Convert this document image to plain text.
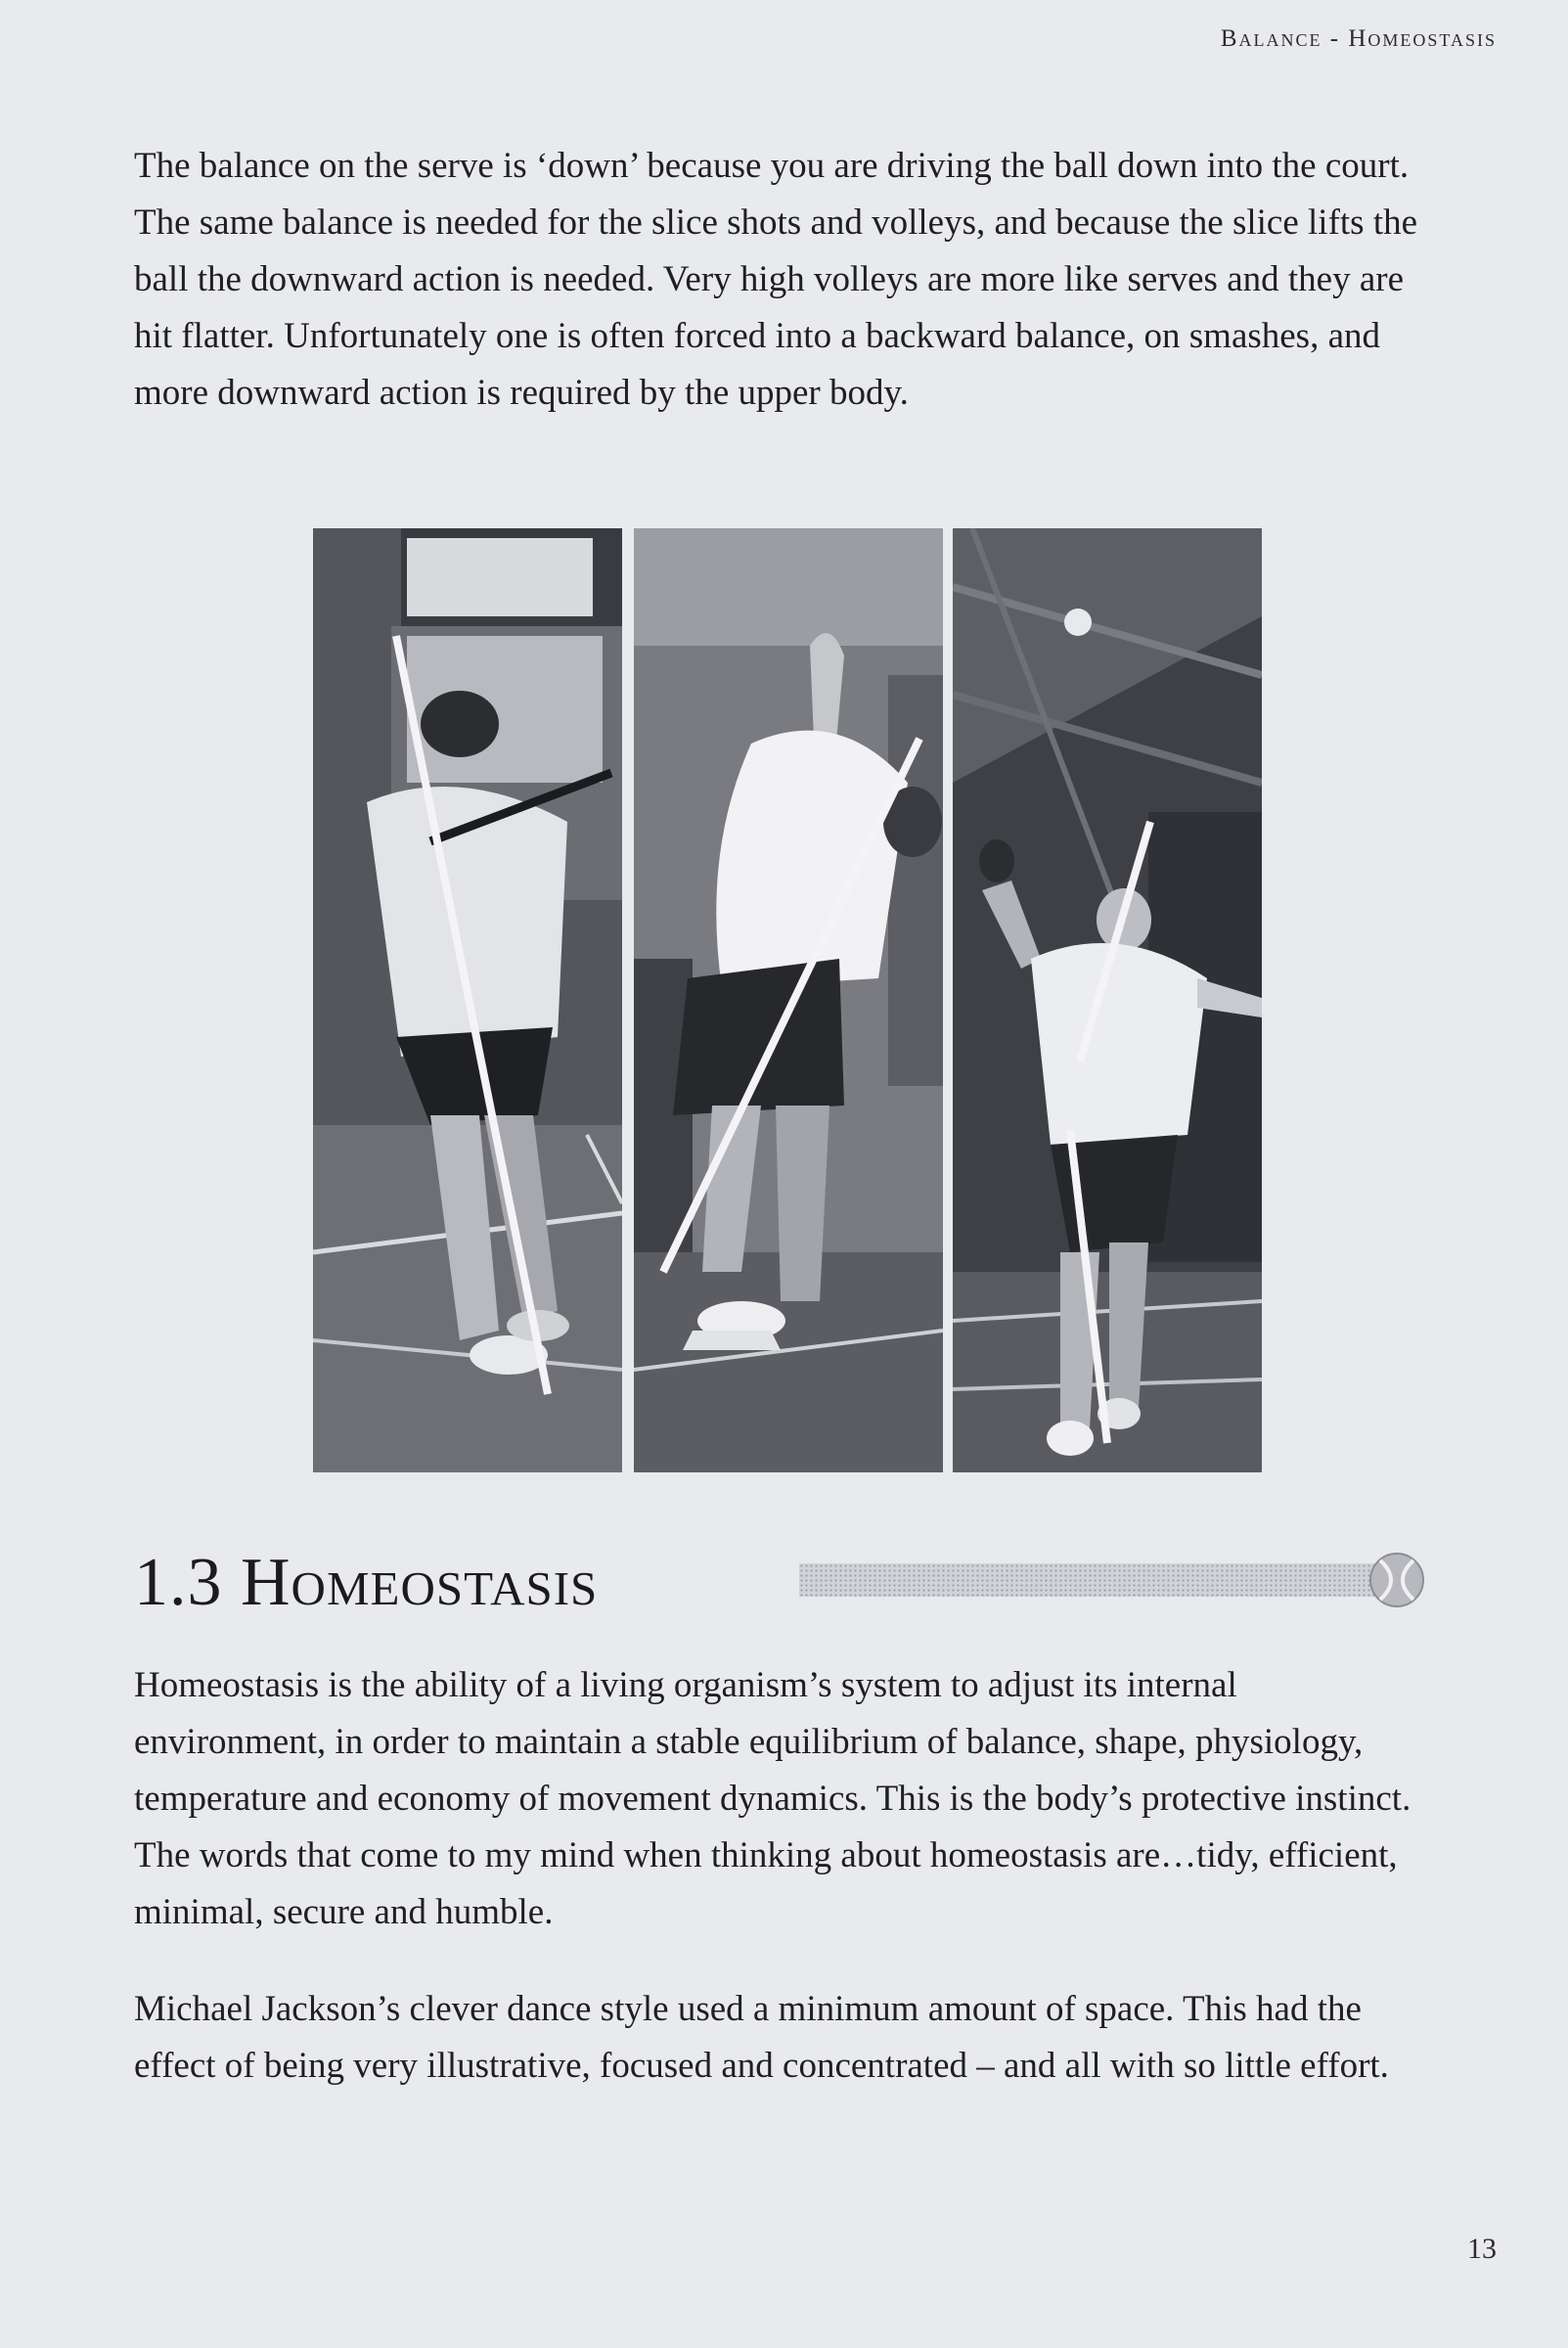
Balance - Homeostasis

The balance on the serve is ‘down’ because you are driving the ball down into the court. The same balance is needed for the slice shots and volleys, and because the slice lifts the ball the downward action is needed. Very high volleys are more like serves and they are hit flatter. Unfortunately one is often forced into a backward balance, on smashes, and more downward action is required by the upper body.

1.3 Homeostasis

Homeostasis is the ability of a living organism’s system to adjust its internal environment, in order to maintain a stable equilibrium of balance, shape, physiology, temperature and economy of movement dynamics. This is the body’s protective instinct. The words that come to my mind when thinking about homeostasis are…tidy, efficient, minimal, secure and humble.

Michael Jackson’s clever dance style used a minimum amount of space. This had the effect of being very illustrative, focused and concentrated – and all with so little effort.

13
